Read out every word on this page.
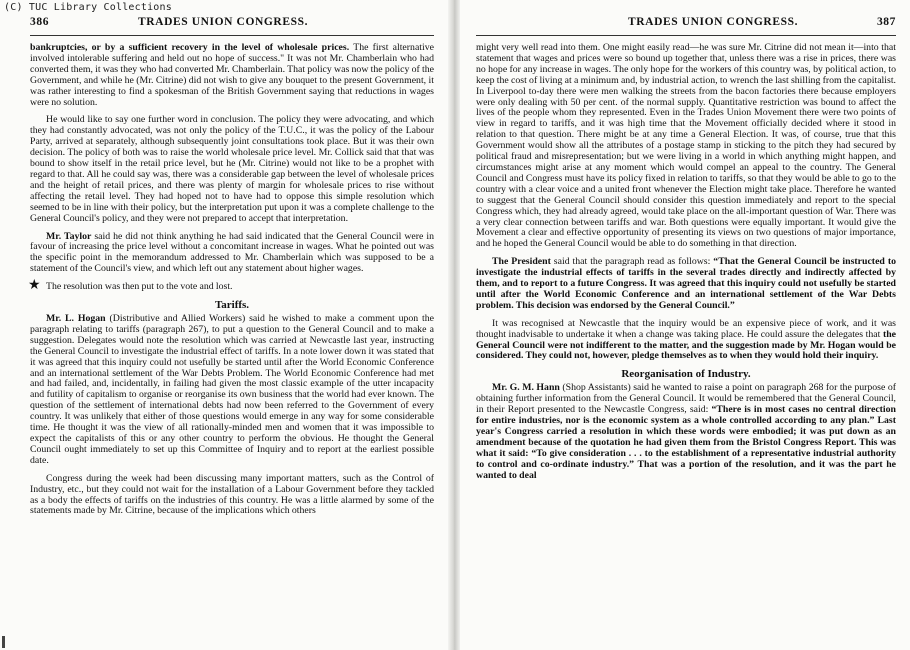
(C) TUC Library Collections
386	TRADES UNION CONGRESS.

bankruptcies, or by a sufficient recovery in the level of wholesale prices. The first alternative involved intolerable suffering and held out no hope of success." It was not Mr. Chamberlain who had converted them, it was they who had converted Mr. Chamberlain. That policy was now the policy of the Government, and while he (Mr. Citrine) did not wish to give any bouquet to the present Government, it was rather interesting to find a spokesman of the British Government saying that reductions in wages were no solution.

He would like to say one further word in conclusion. The policy they were advocating, and which they had constantly advocated, was not only the policy of the T.U.C., it was the policy of the Labour Party, arrived at separately, although subsequently joint consultations took place. But it was their own decision. The policy of both was to raise the world wholesale price level. Mr. Collick said that that was bound to show itself in the retail price level, but he (Mr. Citrine) would not like to be a prophet with regard to that. All he could say was, there was a considerable gap between the level of wholesale prices and the height of retail prices, and there was plenty of margin for wholesale prices to rise without affecting the retail level. They had hoped not to have had to oppose this simple resolution which seemed to be in line with their policy, but the interpretation put upon it was a complete challenge to the General Council's policy, and they were not prepared to accept that interpretation.

Mr. Taylor said he did not think anything he had said indicated that the General Council were in favour of increasing the price level without a concomitant increase in wages. What he pointed out was the specific point in the memorandum addressed to Mr. Chamberlain which was supposed to be a statement of the Council's view, and which left out any statement about higher wages.

★ The resolution was then put to the vote and lost.

Tariffs.

Mr. L. Hogan (Distributive and Allied Workers) said he wished to make a comment upon the paragraph relating to tariffs (paragraph 267), to put a question to the General Council and to make a suggestion. Delegates would note the resolution which was carried at Newcastle last year, instructing the General Council to investigate the industrial effect of tariffs. In a note lower down it was stated that it was agreed that this inquiry could not usefully be started until after the World Economic Conference and an international settlement of the War Debts Problem. The World Economic Conference had met and had failed, and, incidentally, in failing had given the most classic example of the utter incapacity and futility of capitalism to organise or reorganise its own business that the world had ever known. The question of the settlement of international debts had now been referred to the Government of every country. It was unlikely that either of those questions would emerge in any way for some considerable time. He thought it was the view of all rationally-minded men and women that it was impossible to expect the capitalists of this or any other country to perform the obvious. He thought the General Council ought immediately to set up this Committee of Inquiry and to report at the earliest possible date.

Congress during the week had been discussing many important matters, such as the Control of Industry, etc., but they could not wait for the installation of a Labour Government before they tackled as a body the effects of tariffs on the industries of this country. He was a little alarmed by some of the statements made by Mr. Citrine, because of the implications which others

TRADES UNION CONGRESS.	387

might very well read into them. One might easily read—he was sure Mr. Citrine did not mean it—into that statement that wages and prices were so bound up together that, unless there was a rise in prices, there was no hope for any increase in wages. The only hope for the workers of this country was, by political action, to keep the cost of living at a minimum and, by industrial action, to wrench the last shilling from the capitalist. In Liverpool to-day there were men walking the streets from the bacon factories there because employers were only dealing with 50 per cent. of the normal supply. Quantitative restriction was bound to affect the lives of the people whom they represented. Even in the Trades Union Movement there were two points of view in regard to tariffs, and it was high time that the Movement officially decided where it stood in relation to that question. There might be at any time a General Election. It was, of course, true that this Government would show all the attributes of a postage stamp in sticking to the pitch they had secured by political fraud and misrepresentation; but we were living in a world in which anything might happen, and circumstances might arise at any moment which would compel an appeal to the country. The General Council and Congress must have its policy fixed in relation to tariffs, so that they would be able to go to the country with a clear voice and a united front whenever the Election might take place. Therefore he wanted to suggest that the General Council should consider this question immediately and report to the special Congress which, they had already agreed, would take place on the all-important question of War. There was a very clear connection between tariffs and war. Both questions were equally important. It would give the Movement a clear and effective opportunity of presenting its views on two questions of major importance, and he hoped the General Council would be able to do something in that direction.

The President said that the paragraph read as follows: “That the General Council be instructed to investigate the industrial effects of tariffs in the several trades directly and indirectly affected by them, and to report to a future Congress. It was agreed that this inquiry could not usefully be started until after the World Economic Conference and an international settlement of the War Debts problem. This decision was endorsed by the General Council.”

It was recognised at Newcastle that the inquiry would be an expensive piece of work, and it was thought inadvisable to undertake it when a change was taking place. He could assure the delegates that the General Council were not indifferent to the matter, and the suggestion made by Mr. Hogan would be considered. They could not, however, pledge themselves as to when they would hold their inquiry.

Reorganisation of Industry.

Mr. G. M. Hann (Shop Assistants) said he wanted to raise a point on paragraph 268 for the purpose of obtaining further information from the General Council. It would be remembered that the General Council, in their Report presented to the Newcastle Congress, said: “There is in most cases no central direction for entire industries, nor is the economic system as a whole controlled according to any plan.” Last year's Congress carried a resolution in which these words were embodied; it was put down as an amendment because of the quotation he had given them from the Bristol Congress Report. This was what it said: “To give consideration . . . to the establishment of a representative industrial authority to control and co-ordinate industry.” That was a portion of the resolution, and it was the part he wanted to deal
